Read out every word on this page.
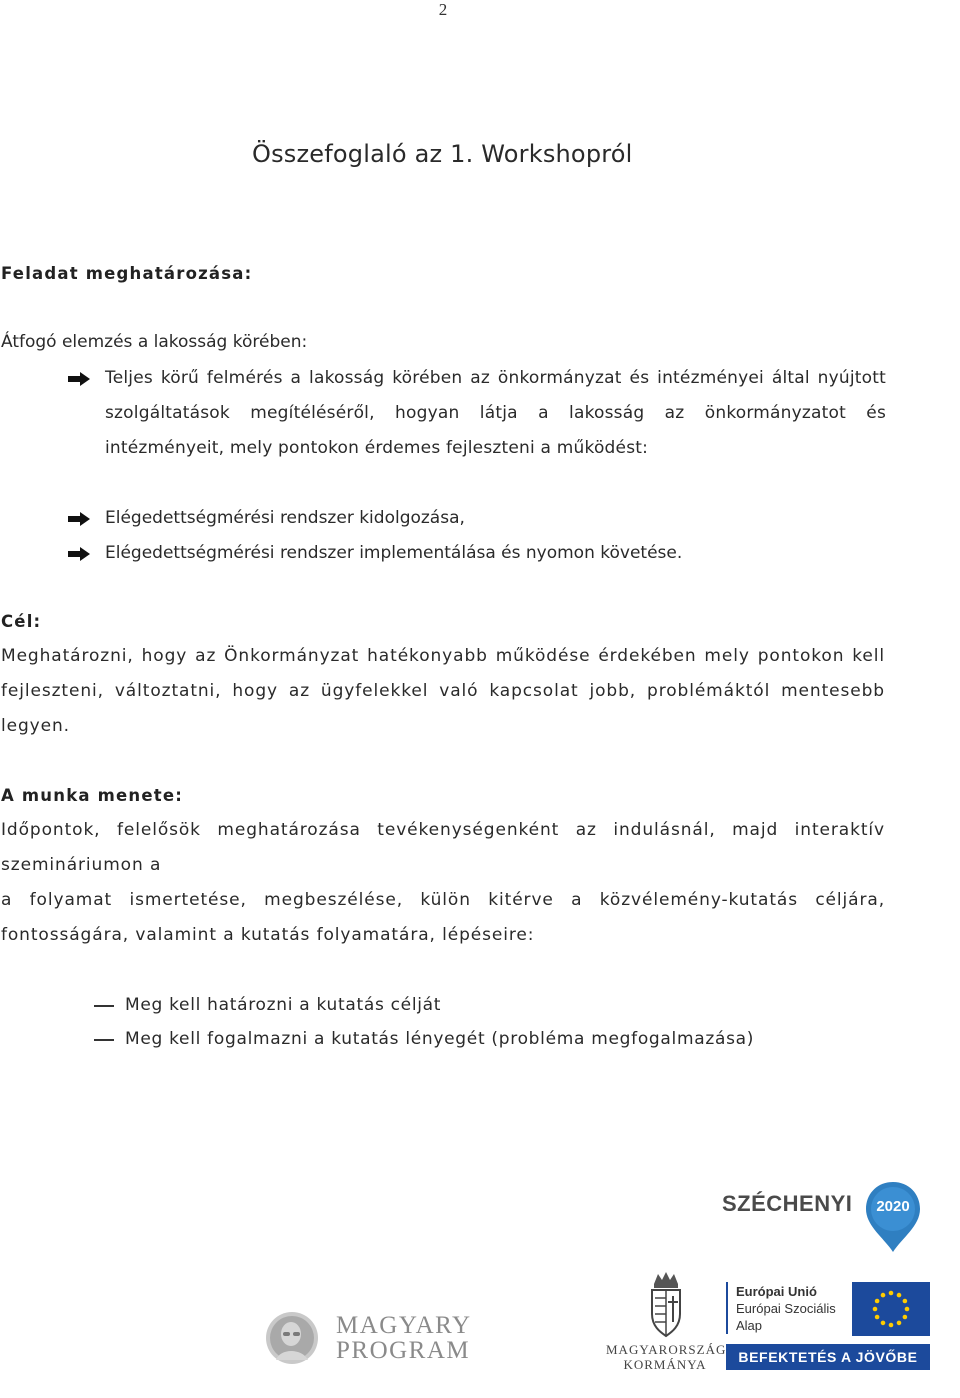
2
Összefoglaló az 1. Workshopról
Feladat meghatározása:
Átfogó elemzés a lakosság körében:
Teljes körű felmérés a lakosság körében az önkormányzat és intézményei által nyújtott szolgáltatások megítéléséről, hogyan látja a lakosság az önkormányzatot és intézményeit, mely pontokon érdemes fejleszteni a működést:
Elégedettségmérési rendszer kidolgozása,
Elégedettségmérési rendszer implementálása és nyomon követése.
Cél:
Meghatározni, hogy az Önkormányzat hatékonyabb működése érdekében mely pontokon kell fejleszteni, változtatni, hogy az ügyfelekkel való kapcsolat jobb, problémáktól mentesebb legyen.
A munka menete:
Időpontok, felelősök meghatározása tevékenységenként az indulásnál, majd interaktív szemináriumon a
a folyamat ismertetése, megbeszélése, külön kitérve a közvélemény-kutatás céljára, fontosságára, valamint a kutatás folyamatára, lépéseire:
Meg kell határozni a kutatás célját
Meg kell fogalmazni a kutatás lényegét (probléma megfogalmazása)
SZÉCHENYI	2020
MAGYARY
PROGRAM	MAGYARORSZÁG
KORMÁNYA
Európai Unió
Európai Szociális
Alap
BEFEKTETÉS A JÖVŐBE
